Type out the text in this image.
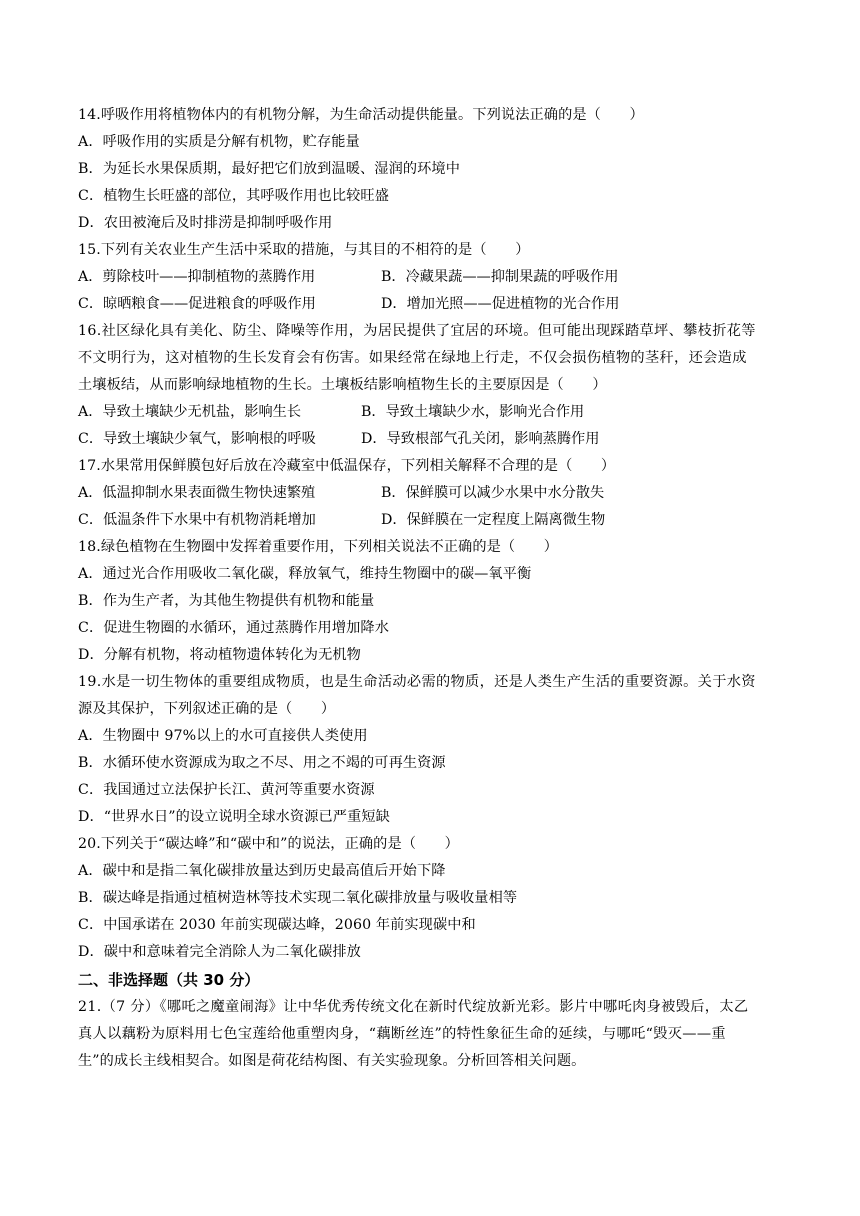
14.呼吸作用将植物体内的有机物分解，为生命活动提供能量。下列说法正确的是（　　）
A．呼吸作用的实质是分解有机物，贮存能量
B．为延长水果保质期，最好把它们放到温暖、湿润的环境中
C．植物生长旺盛的部位，其呼吸作用也比较旺盛
D．农田被淹后及时排涝是抑制呼吸作用
15.下列有关农业生产生活中采取的措施，与其目的不相符的是（　　）
A．剪除枝叶——抑制植物的蒸腾作用	B．冷藏果蔬——抑制果蔬的呼吸作用
C．晾晒粮食——促进粮食的呼吸作用	D．增加光照——促进植物的光合作用
16.社区绿化具有美化、防尘、降噪等作用，为居民提供了宜居的环境。但可能出现踩踏草坪、攀枝折花等
不文明行为，这对植物的生长发育会有伤害。如果经常在绿地上行走，不仅会损伤植物的茎秆，还会造成
土壤板结，从而影响绿地植物的生长。土壤板结影响植物生长的主要原因是（　　）
A．导致土壤缺少无机盐，影响生长	B．导致土壤缺少水，影响光合作用
C．导致土壤缺少氧气，影响根的呼吸	D．导致根部气孔关闭，影响蒸腾作用
17.水果常用保鲜膜包好后放在冷藏室中低温保存，下列相关解释不合理的是（　　）
A．低温抑制水果表面微生物快速繁殖	B．保鲜膜可以减少水果中水分散失
C．低温条件下水果中有机物消耗增加	D．保鲜膜在一定程度上隔离微生物
18.绿色植物在生物圈中发挥着重要作用，下列相关说法不正确的是（　　）
A．通过光合作用吸收二氧化碳，释放氧气，维持生物圈中的碳—氧平衡
B．作为生产者，为其他生物提供有机物和能量
C．促进生物圈的水循环，通过蒸腾作用增加降水
D．分解有机物，将动植物遗体转化为无机物
19.水是一切生物体的重要组成物质，也是生命活动必需的物质，还是人类生产生活的重要资源。关于水资
源及其保护，下列叙述正确的是（　　）
A．生物圈中 97%以上的水可直接供人类使用
B．水循环使水资源成为取之不尽、用之不竭的可再生资源
C．我国通过立法保护长江、黄河等重要水资源
D．“世界水日”的设立说明全球水资源已严重短缺
20.下列关于“碳达峰”和“碳中和”的说法，正确的是（　　）
A．碳中和是指二氧化碳排放量达到历史最高值后开始下降
B．碳达峰是指通过植树造林等技术实现二氧化碳排放量与吸收量相等
C．中国承诺在 2030 年前实现碳达峰，2060 年前实现碳中和
D．碳中和意味着完全消除人为二氧化碳排放
二、非选择题（共 30 分）
21.（7 分）《哪吒之魔童闹海》让中华优秀传统文化在新时代绽放新光彩。影片中哪吒肉身被毁后，太乙
真人以藕粉为原料用七色宝莲给他重塑肉身，“藕断丝连”的特性象征生命的延续，与哪吒“毁灭——重
生”的成长主线相契合。如图是荷花结构图、有关实验现象。分析回答相关问题。
